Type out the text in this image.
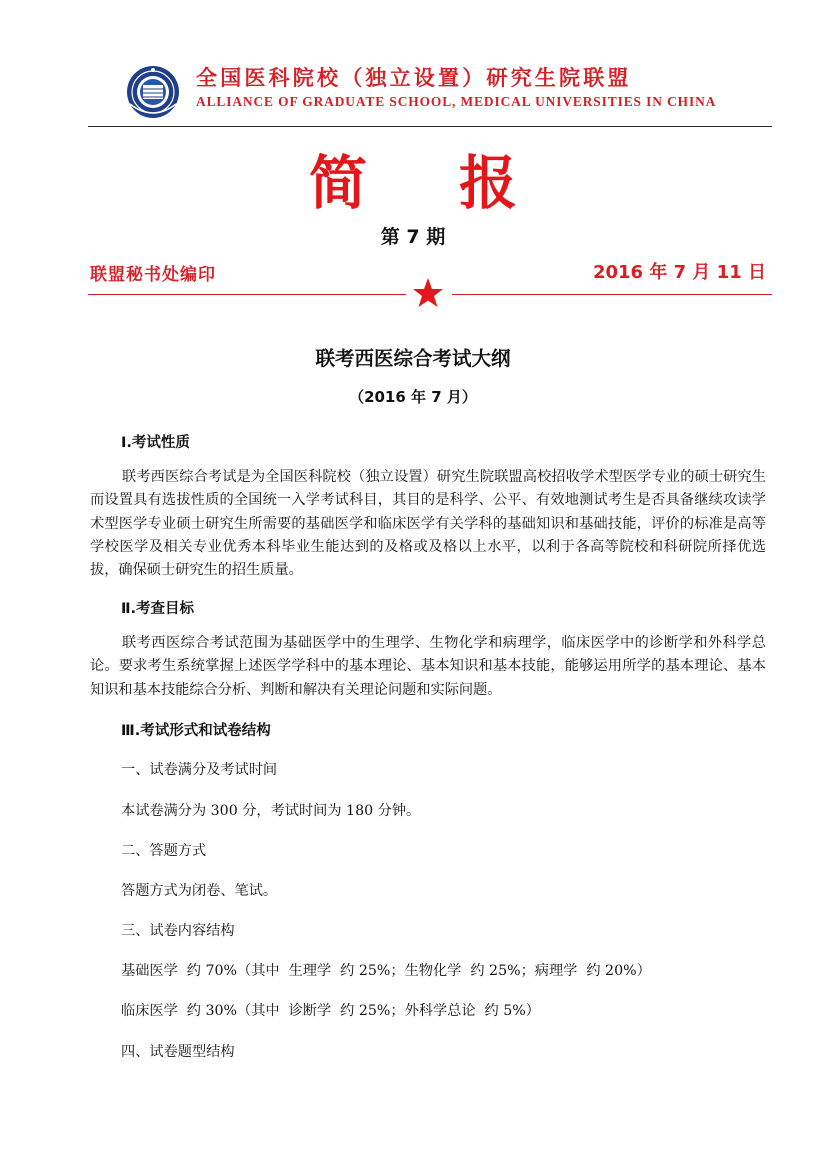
全国医科院校（独立设置）研究生院联盟
ALLIANCE OF GRADUATE SCHOOL, MEDICAL UNIVERSITIES IN CHINA
简 报
第 7 期
联盟秘书处编印	2016 年 7 月 11 日
联考西医综合考试大纲
（2016 年 7 月）
Ⅰ.考试性质
联考西医综合考试是为全国医科院校（独立设置）研究生院联盟高校招收学术型医学专业的硕士研究生而设置具有选拔性质的全国统一入学考试科目，其目的是科学、公平、有效地测试考生是否具备继续攻读学术型医学专业硕士研究生所需要的基础医学和临床医学有关学科的基础知识和基础技能，评价的标准是高等学校医学及相关专业优秀本科毕业生能达到的及格或及格以上水平，以利于各高等院校和科研院所择优选拔，确保硕士研究生的招生质量。
Ⅱ.考查目标
联考西医综合考试范围为基础医学中的生理学、生物化学和病理学，临床医学中的诊断学和外科学总论。要求考生系统掌握上述医学学科中的基本理论、基本知识和基本技能，能够运用所学的基本理论、基本知识和基本技能综合分析、判断和解决有关理论问题和实际问题。
Ⅲ.考试形式和试卷结构
一、试卷满分及考试时间
本试卷满分为 300 分，考试时间为 180 分钟。
二、答题方式
答题方式为闭卷、笔试。
三、试卷内容结构
基础医学  约 70%（其中  生理学  约 25%；生物化学  约 25%；病理学  约 20%）
临床医学  约 30%（其中  诊断学  约 25%；外科学总论  约 5%）
四、试卷题型结构
